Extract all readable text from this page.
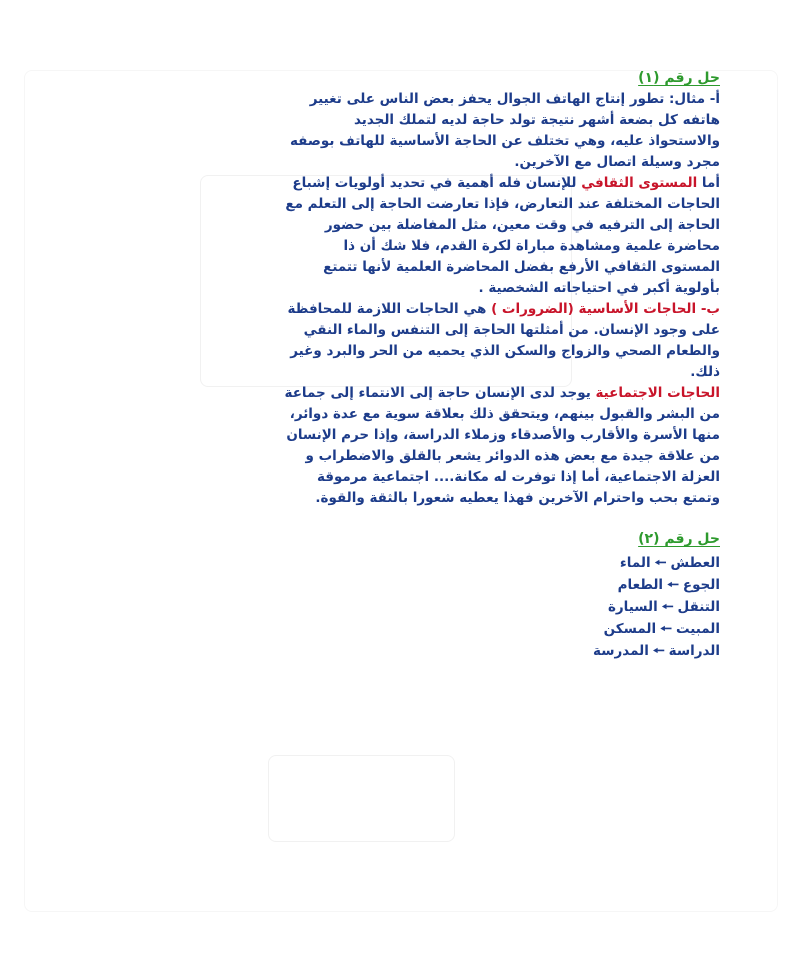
حل رقم (١)

أ- مثال: تطور إنتاج الهاتف الجوال يحفز بعض الناس على تغيير هاتفه كل بضعة أشهر نتيجة تولد حاجة لديه لتملك الجديد والاستحواذ عليه، وهي تختلف عن الحاجة الأساسية للهاتف بوصفه مجرد وسيلة اتصال مع الآخرين.

أما المستوى الثقافي للإنسان فله أهمية في تحديد أولويات إشباع الحاجات المختلفة عند التعارض، فإذا تعارضت الحاجة إلى التعلم مع الحاجة إلى الترفيه في وقت معين، مثل المفاضلة بين حضور محاضرة علمية ومشاهدة مباراة لكرة القدم، فلا شك أن ذا المستوى الثقافي الأرفع بفضل المحاضرة العلمية لأنها تتمتع بأولوية أكبر في احتياجاته الشخصية .

ب- الحاجات الأساسية (الضرورات ) هي الحاجات اللازمة للمحافظة على وجود الإنسان. من أمثلتها الحاجة إلى التنفس والماء النقي والطعام الصحي والزواج والسكن الذي يحميه من الحر والبرد وغير ذلك.

الحاجات الاجتماعية يوجد لدى الإنسان حاجة إلى الانتماء إلى جماعة من البشر والقبول بينهم، ويتحقق ذلك بعلاقة سوية مع عدة دوائر، منها الأسرة والأقارب والأصدقاء وزملاء الدراسة، وإذا حرم الإنسان من علاقة جيدة مع بعض هذه الدوائر يشعر بالقلق والاضطراب و العزلة الاجتماعية، أما إذا توفرت له مكانة.... اجتماعية مرموقة وتمتع بحب واحترام الآخرين فهذا يعطيه شعورا بالثقة والقوة.

حل رقم (٢)
العطش🠔الماء
الجوع🠔الطعام
التنقل🠔السيارة
المبيت🠔المسكن
الدراسة🠔المدرسة
